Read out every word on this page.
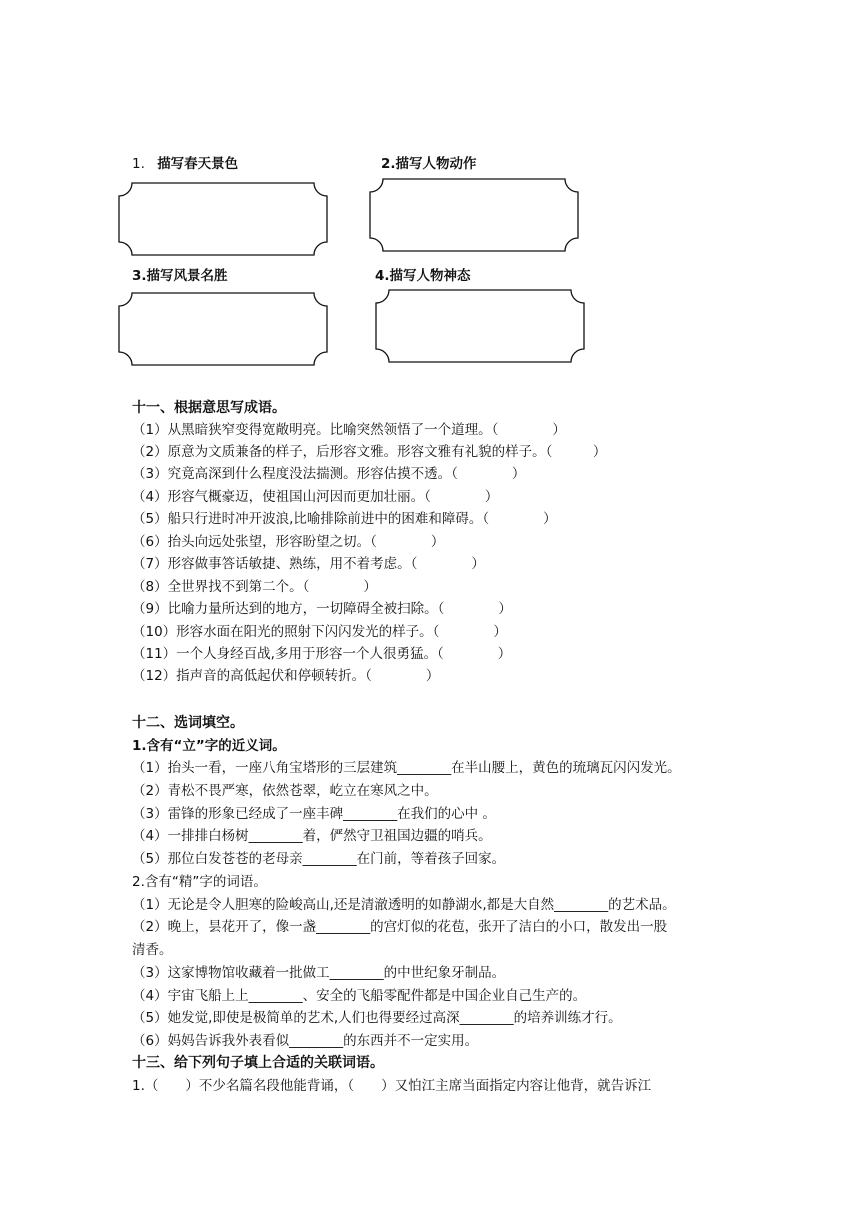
1. 描写春天景色	2.描写人物动作
3.描写风景名胜	4.描写人物神态
十一、根据意思写成语。
（1）从黑暗狭窄变得宽敞明亮。比喻突然领悟了一个道理。（　　　　）
（2）原意为文质兼备的样子，后形容文雅。形容文雅有礼貌的样子。（　　　）
（3）究竟高深到什么程度没法揣测。形容估摸不透。（　　　　）
（4）形容气概豪迈，使祖国山河因而更加壮丽。（　　　　）
（5）船只行进时冲开波浪,比喻排除前进中的困难和障碍。（　　　　）
（6）抬头向远处张望，形容盼望之切。（　　　　）
（7）形容做事答话敏捷、熟练，用不着考虑。（　　　　）
（8）全世界找不到第二个。（　　　　）
（9）比喻力量所达到的地方，一切障碍全被扫除。（　　　　）
（10）形容水面在阳光的照射下闪闪发光的样子。（　　　　）
（11）一个人身经百战,多用于形容一个人很勇猛。（　　　　）
（12）指声音的高低起伏和停顿转折。（　　　　）
十二、选词填空。
1.含有“立”字的近义词。
（1）抬头一看，一座八角宝塔形的三层建筑________在半山腰上，黄色的琉璃瓦闪闪发光。
（2）青松不畏严寒，依然苍翠，屹立在寒风之中。
（3）雷锋的形象已经成了一座丰碑________在我们的心中 。
（4）一排排白杨树________着，俨然守卫祖国边疆的哨兵。
（5）那位白发苍苍的老母亲________在门前，等着孩子回家。
2.含有“精”字的词语。
（1）无论是令人胆寒的险峻高山,还是清澈透明的如静湖水,都是大自然________的艺术品。
（2）晚上，昙花开了，像一盏________的宫灯似的花苞，张开了洁白的小口，散发出一股
清香。
（3）这家博物馆收藏着一批做工________的中世纪象牙制品。
（4）宇宙飞船上上________、安全的飞船零配件都是中国企业自己生产的。
（5）她发觉,即使是极简单的艺术,人们也得要经过高深________的培养训练才行。
（6）妈妈告诉我外表看似________的东西并不一定实用。
十三、给下列句子填上合适的关联词语。
1.（　　）不少名篇名段他能背诵，（　　）又怕江主席当面指定内容让他背，就告诉江
